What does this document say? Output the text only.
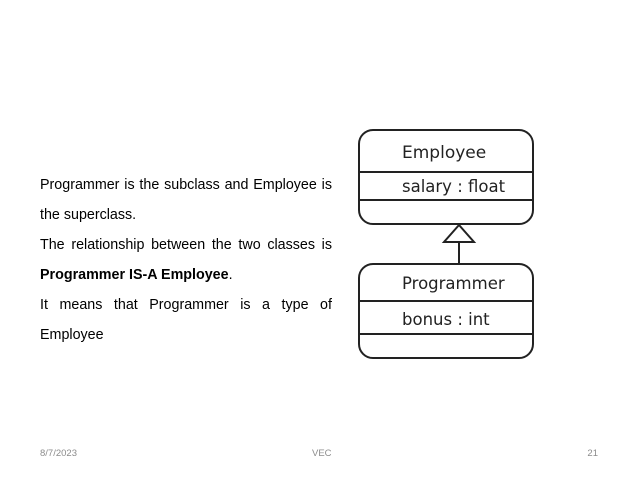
Programmer is the subclass and Employee is the superclass.

The relationship between the two classes is Programmer IS-A Employee.

It means that Programmer is a type of Employee

Employee
salary : float
Programmer
bonus : int
8/7/2023	VEC	21
